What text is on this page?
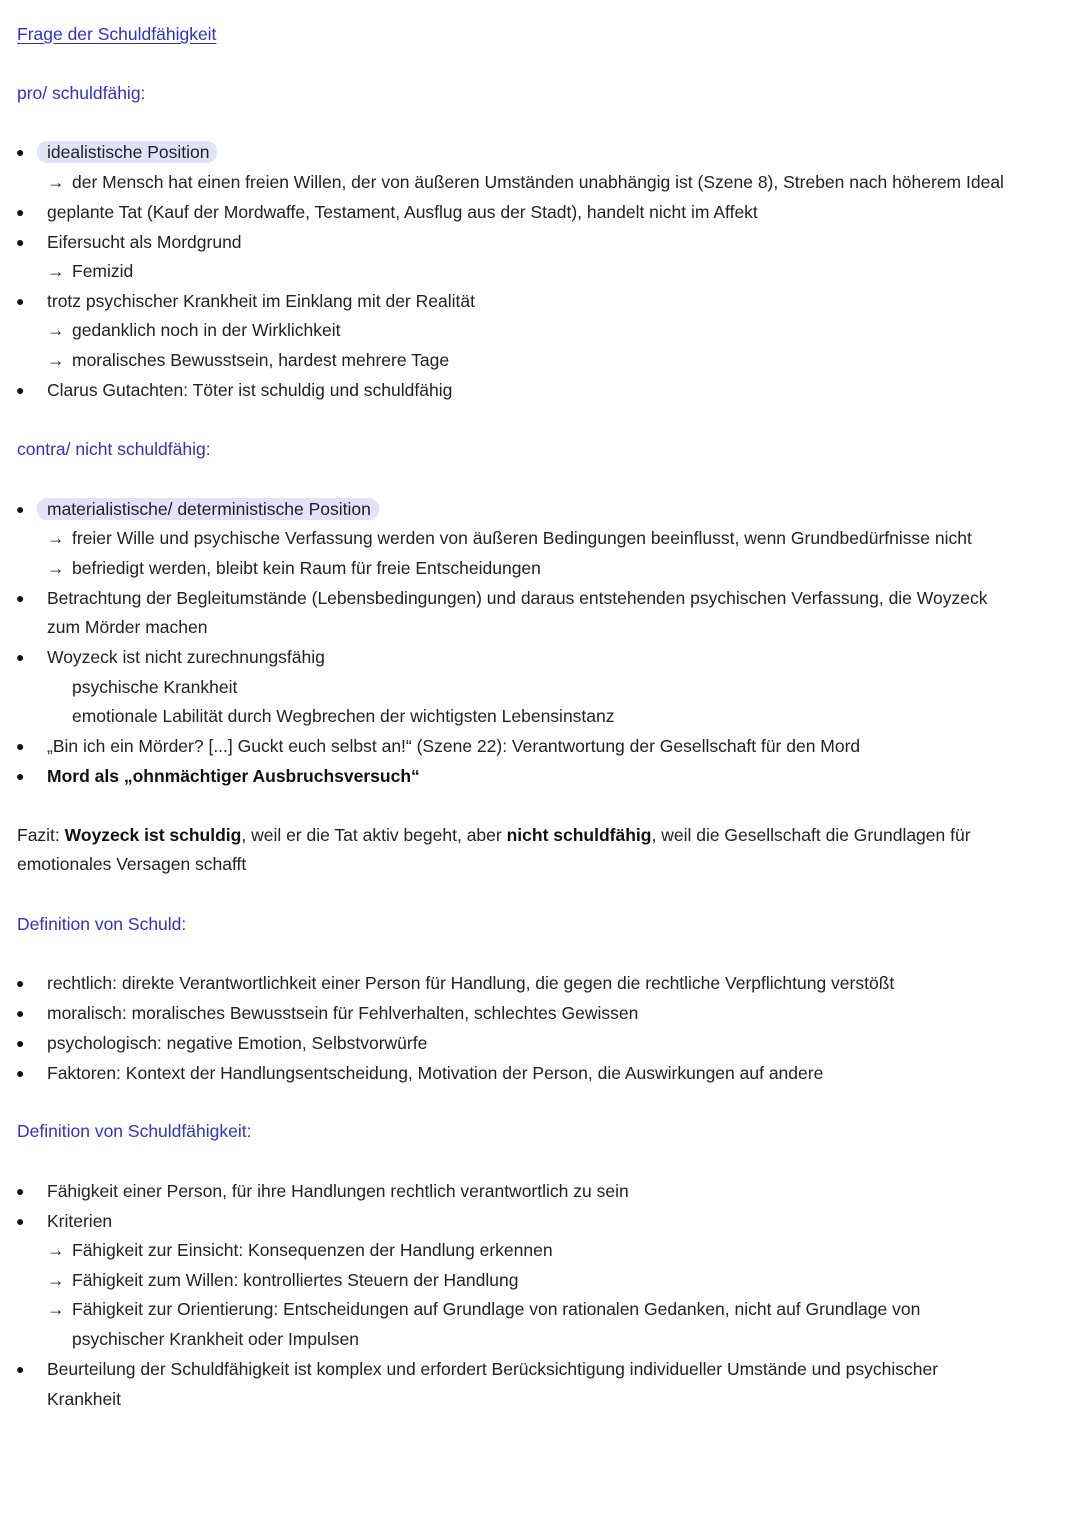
Frage der Schuldfähigkeit
pro/ schuldfähig:
● idealistische Position
→ der Mensch hat einen freien Willen, der von äußeren Umständen unabhängig ist (Szene 8), Streben nach höherem Ideal
● geplante Tat (Kauf der Mordwaffe, Testament, Ausflug aus der Stadt), handelt nicht im Affekt
● Eifersucht als Mordgrund
→ Femizid
● trotz psychischer Krankheit im Einklang mit der Realität
→ gedanklich noch in der Wirklichkeit
→ moralisches Bewusstsein, hardest mehrere Tage
● Clarus Gutachten: Töter ist schuldig und schuldfähig
contra/ nicht schuldfähig:
● materialistische/ deterministische Position
→ freier Wille und psychische Verfassung werden von äußeren Bedingungen beeinflusst, wenn Grundbedürfnisse nicht
→ befriedigt werden, bleibt kein Raum für freie Entscheidungen
● Betrachtung der Begleitumstände (Lebensbedingungen) und daraus entstehenden psychischen Verfassung, die Woyzeck
zum Mörder machen
● Woyzeck ist nicht zurechnungsfähig
psychische Krankheit
emotionale Labilität durch Wegbrechen der wichtigsten Lebensinstanz
● „Bin ich ein Mörder? [...] Guckt euch selbst an!“ (Szene 22): Verantwortung der Gesellschaft für den Mord
● Mord als „ohnmächtiger Ausbruchsversuch“
Fazit: Woyzeck ist schuldig, weil er die Tat aktiv begeht, aber nicht schuldfähig, weil die Gesellschaft die Grundlagen für
emotionales Versagen schafft
Definition von Schuld:
● rechtlich: direkte Verantwortlichkeit einer Person für Handlung, die gegen die rechtliche Verpflichtung verstößt
● moralisch: moralisches Bewusstsein für Fehlverhalten, schlechtes Gewissen
● psychologisch: negative Emotion, Selbstvorwürfe
● Faktoren: Kontext der Handlungsentscheidung, Motivation der Person, die Auswirkungen auf andere
Definition von Schuldfähigkeit:
● Fähigkeit einer Person, für ihre Handlungen rechtlich verantwortlich zu sein
● Kriterien
→ Fähigkeit zur Einsicht: Konsequenzen der Handlung erkennen
→ Fähigkeit zum Willen: kontrolliertes Steuern der Handlung
→ Fähigkeit zur Orientierung: Entscheidungen auf Grundlage von rationalen Gedanken, nicht auf Grundlage von
psychischer Krankheit oder Impulsen
● Beurteilung der Schuldfähigkeit ist komplex und erfordert Berücksichtigung individueller Umstände und psychischer
Krankheit
